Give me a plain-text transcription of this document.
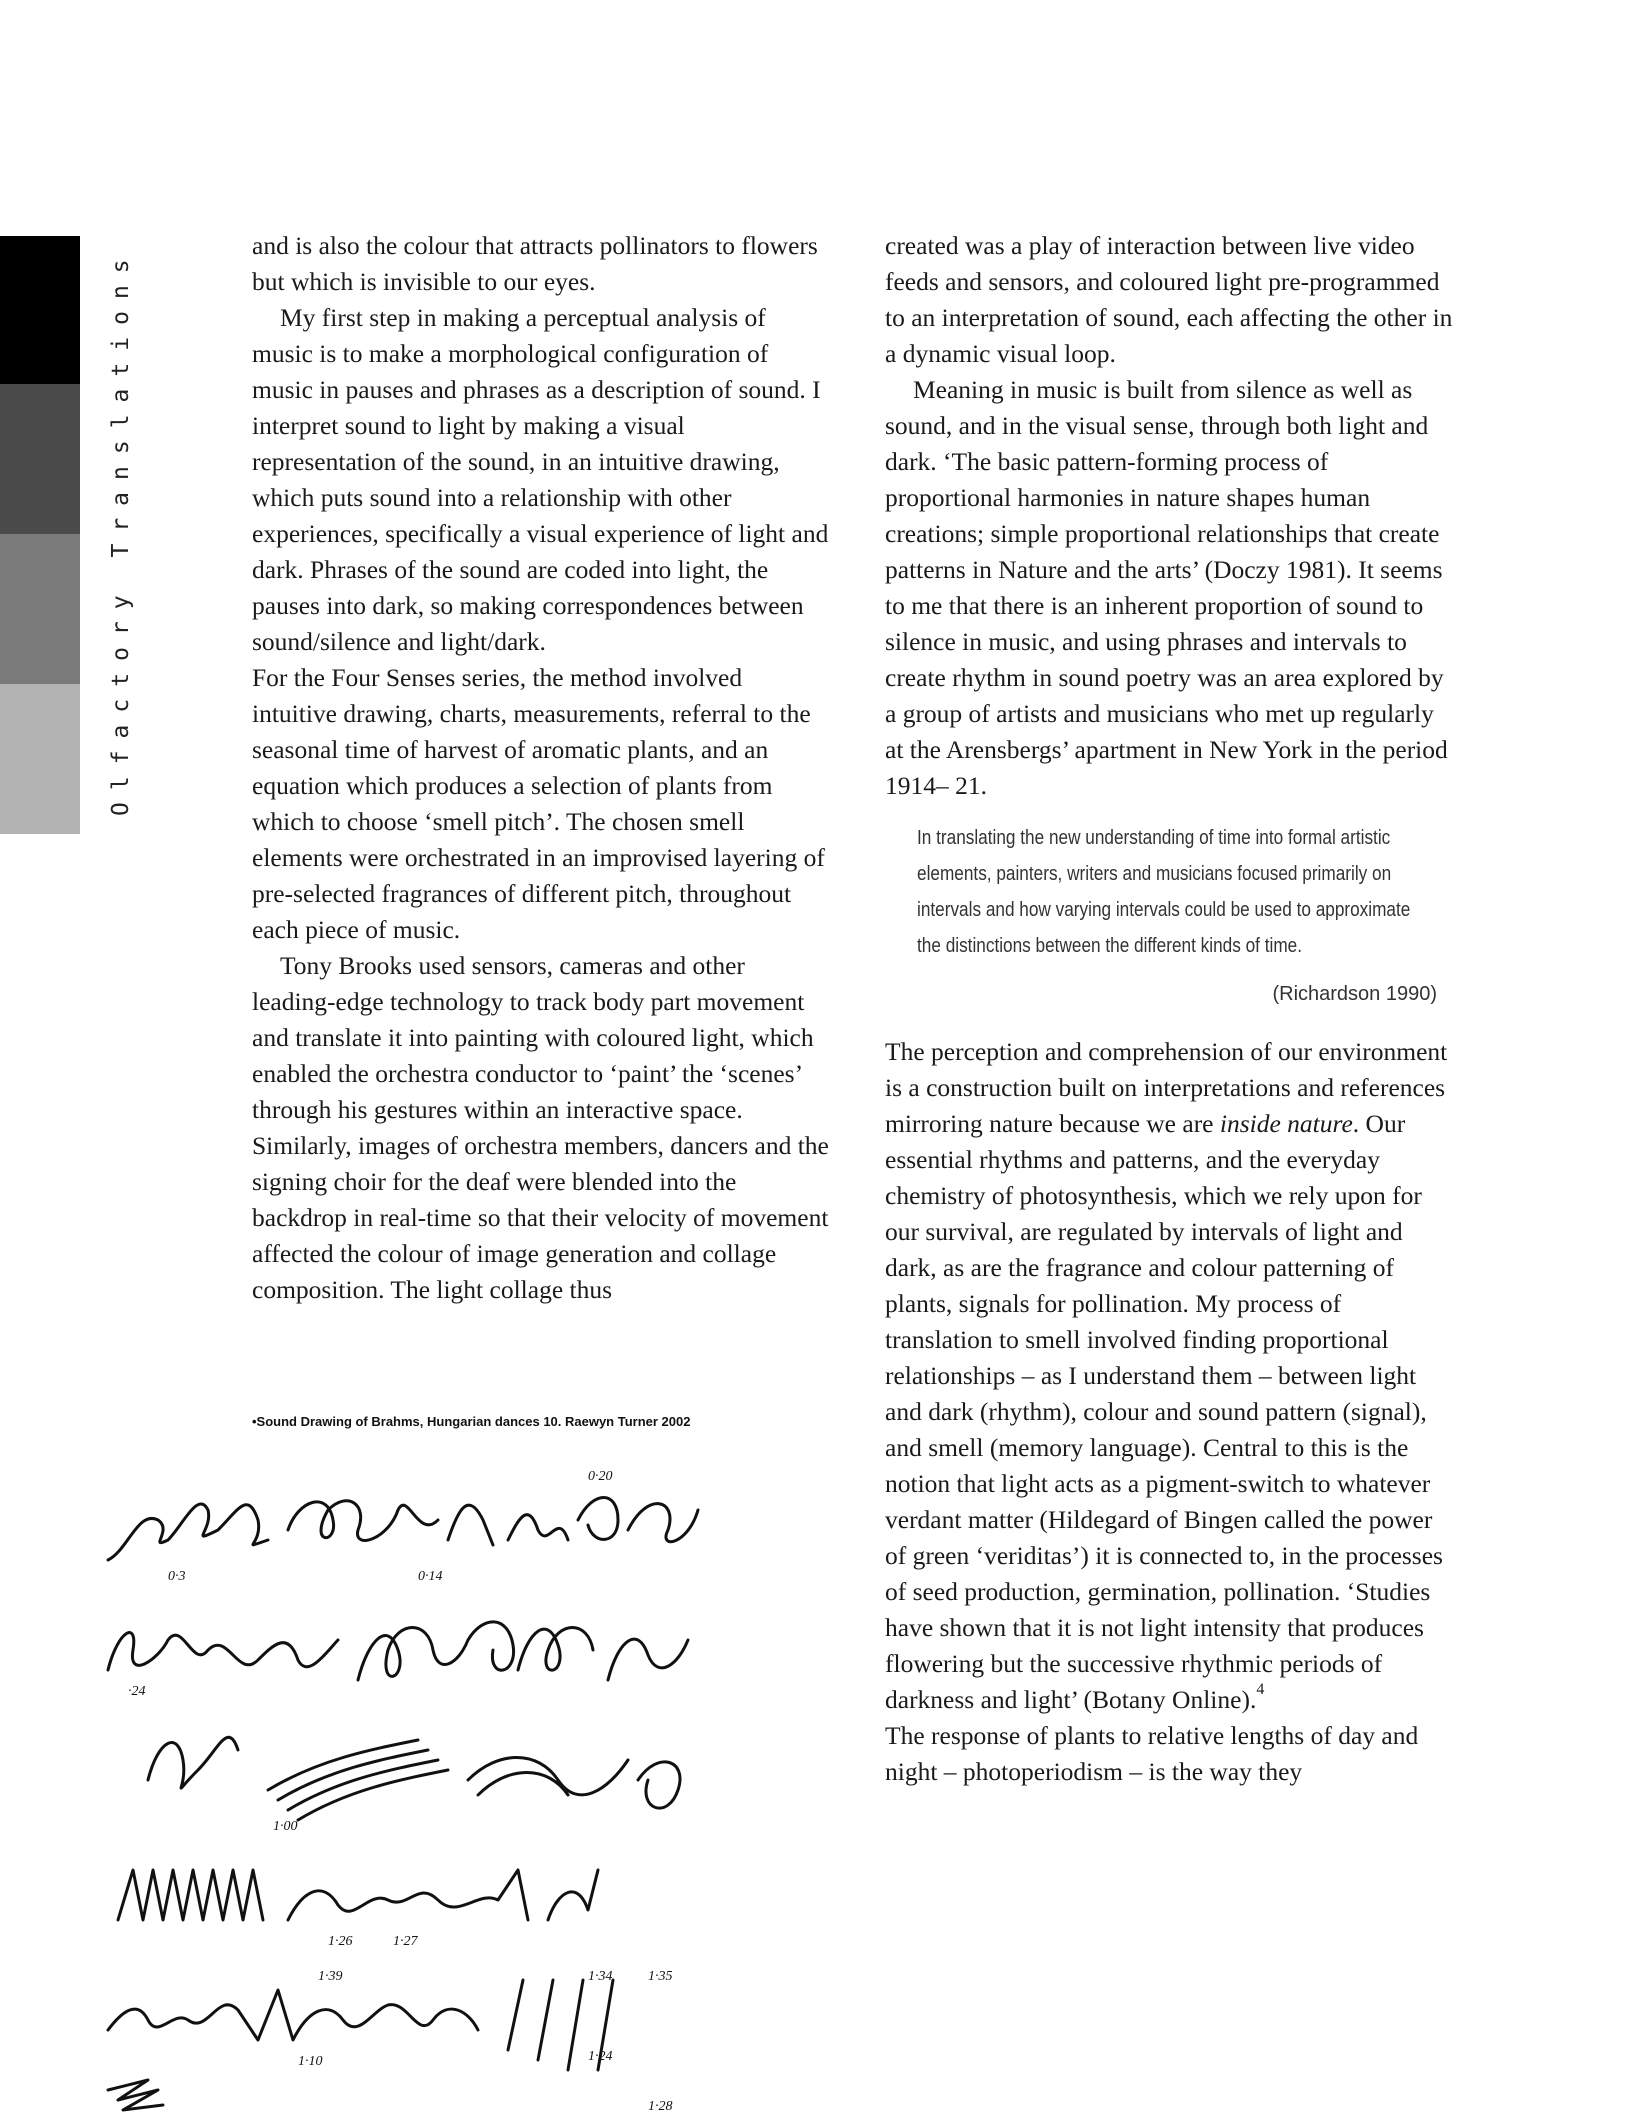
Olfactory Translations

and is also the colour that attracts pollinators to flowers but which is invisible to our eyes.

My first step in making a perceptual analysis of music is to make a morphological configuration of music in pauses and phrases as a description of sound. I interpret sound to light by making a visual representation of the sound, in an intuitive drawing, which puts sound into a relationship with other experiences, specifically a visual experience of light and dark. Phrases of the sound are coded into light, the pauses into dark, so making correspondences between sound/silence and light/dark.

For the Four Senses series, the method involved intuitive drawing, charts, measurements, referral to the seasonal time of harvest of aromatic plants, and an equation which produces a selection of plants from which to choose ‘smell pitch’. The chosen smell elements were orchestrated in an improvised layering of pre-selected fragrances of different pitch, throughout each piece of music.

Tony Brooks used sensors, cameras and other leading-edge technology to track body part movement and translate it into painting with coloured light, which enabled the orchestra conductor to ‘paint’ the ‘scenes’ through his gestures within an interactive space. Similarly, images of orchestra members, dancers and the signing choir for the deaf were blended into the backdrop in real-time so that their velocity of movement affected the colour of image generation and collage composition. The light collage thus

created was a play of interaction between live video feeds and sensors, and coloured light pre-programmed to an interpretation of sound, each affecting the other in a dynamic visual loop.

Meaning in music is built from silence as well as sound, and in the visual sense, through both light and dark. ‘The basic pattern-forming process of proportional harmonies in nature shapes human creations; simple proportional relationships that create patterns in Nature and the arts’ (Doczy 1981). It seems to me that there is an inherent proportion of sound to silence in music, and using phrases and intervals to create rhythm in sound poetry was an area explored by a group of artists and musicians who met up regularly at the Arensbergs’ apartment in New York in the period 1914– 21.

In translating the new understanding of time into formal artistic elements, painters, writers and musicians focused primarily on intervals and how varying intervals could be used to approximate the distinctions between the different kinds of time.
(Richardson 1990)

The perception and comprehension of our environment is a construction built on interpretations and references mirroring nature because we are inside nature. Our essential rhythms and patterns, and the everyday chemistry of photosynthesis, which we rely upon for our survival, are regulated by intervals of light and dark, as are the fragrance and colour patterning of plants, signals for pollination. My process of translation to smell involved finding proportional relationships – as I understand them – between light and dark (rhythm), colour and sound pattern (signal), and smell (memory language). Central to this is the notion that light acts as a pigment-switch to whatever verdant matter (Hildegard of Bingen called the power of green ‘veriditas’) it is connected to, in the processes of seed production, germination, pollination. ‘Studies have shown that it is not light intensity that produces flowering but the successive rhythmic periods of darkness and light’ (Botany Online).$^4$

The response of plants to relative lengths of day and night – photoperiodism – is the way they

•Sound Drawing of Brahms, Hungarian dances 10. Raewyn Turner 2002
0·3	0·14
0·20
·24
1·00
1·26	1·27
1·39	1·34	1·35
1·10	1·24
1·28
